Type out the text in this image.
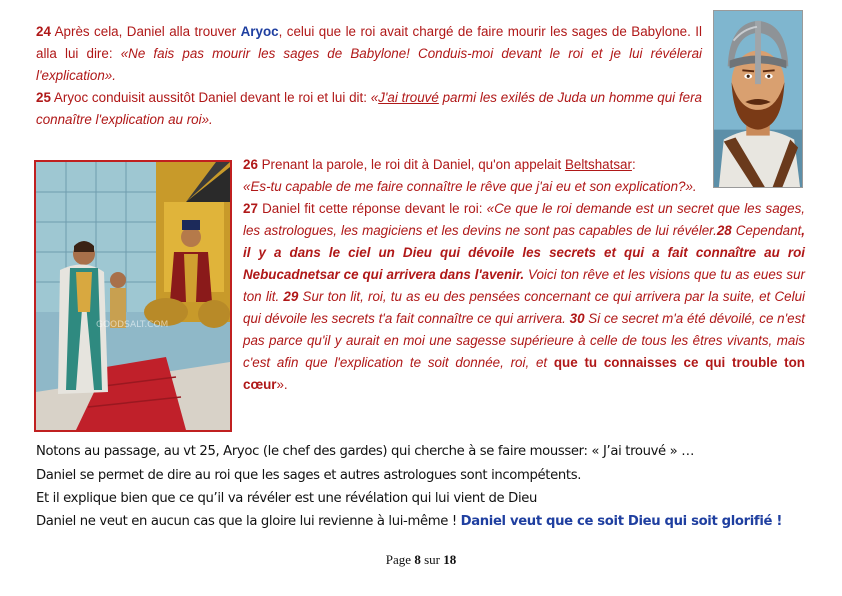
24 Après cela, Daniel alla trouver Aryoc, celui que le roi avait chargé de faire mourir les sages de Babylone. Il alla lui dire: «Ne fais pas mourir les sages de Babylone! Conduis-moi devant le roi et je lui révélerai l'explication».
25 Aryoc conduisit aussitôt Daniel devant le roi et lui dit: «J'ai trouvé parmi les exilés de Juda un homme qui fera connaître l'explication au roi».
GOODSALT.COM
26 Prenant la parole, le roi dit à Daniel, qu'on appelait Beltshatsar:
«Es-tu capable de me faire connaître le rêve que j'ai eu et son explication?».
27 Daniel fit cette réponse devant le roi: «Ce que le roi demande est un secret que les sages, les astrologues, les magiciens et les devins ne sont pas capables de lui révéler.28 Cependant, il y a dans le ciel un Dieu qui dévoile les secrets et qui a fait connaître au roi Nebucadnetsar ce qui arrivera dans l'avenir. Voici ton rêve et les visions que tu as eues sur ton lit. 29 Sur ton lit, roi, tu as eu des pensées concernant ce qui arrivera par la suite, et Celui qui dévoile les secrets t'a fait connaître ce qui arrivera. 30 Si ce secret m'a été dévoilé, ce n'est pas parce qu'il y aurait en moi une sagesse supérieure à celle de tous les êtres vivants, mais c'est afin que l'explication te soit donnée, roi, et que tu connaisses ce qui trouble ton cœur».
Notons au passage, au vt 25, Aryoc (le chef des gardes) qui cherche à se faire mousser: « J’ai trouvé » …
Daniel se permet de dire au roi que les sages et autres astrologues sont incompétents.
Et il explique bien que ce qu’il va révéler est une révélation qui lui vient de Dieu
Daniel ne veut en aucun cas que la gloire lui revienne à lui-même ! Daniel veut que ce soit Dieu qui soit glorifié !
Page 8 sur 18
